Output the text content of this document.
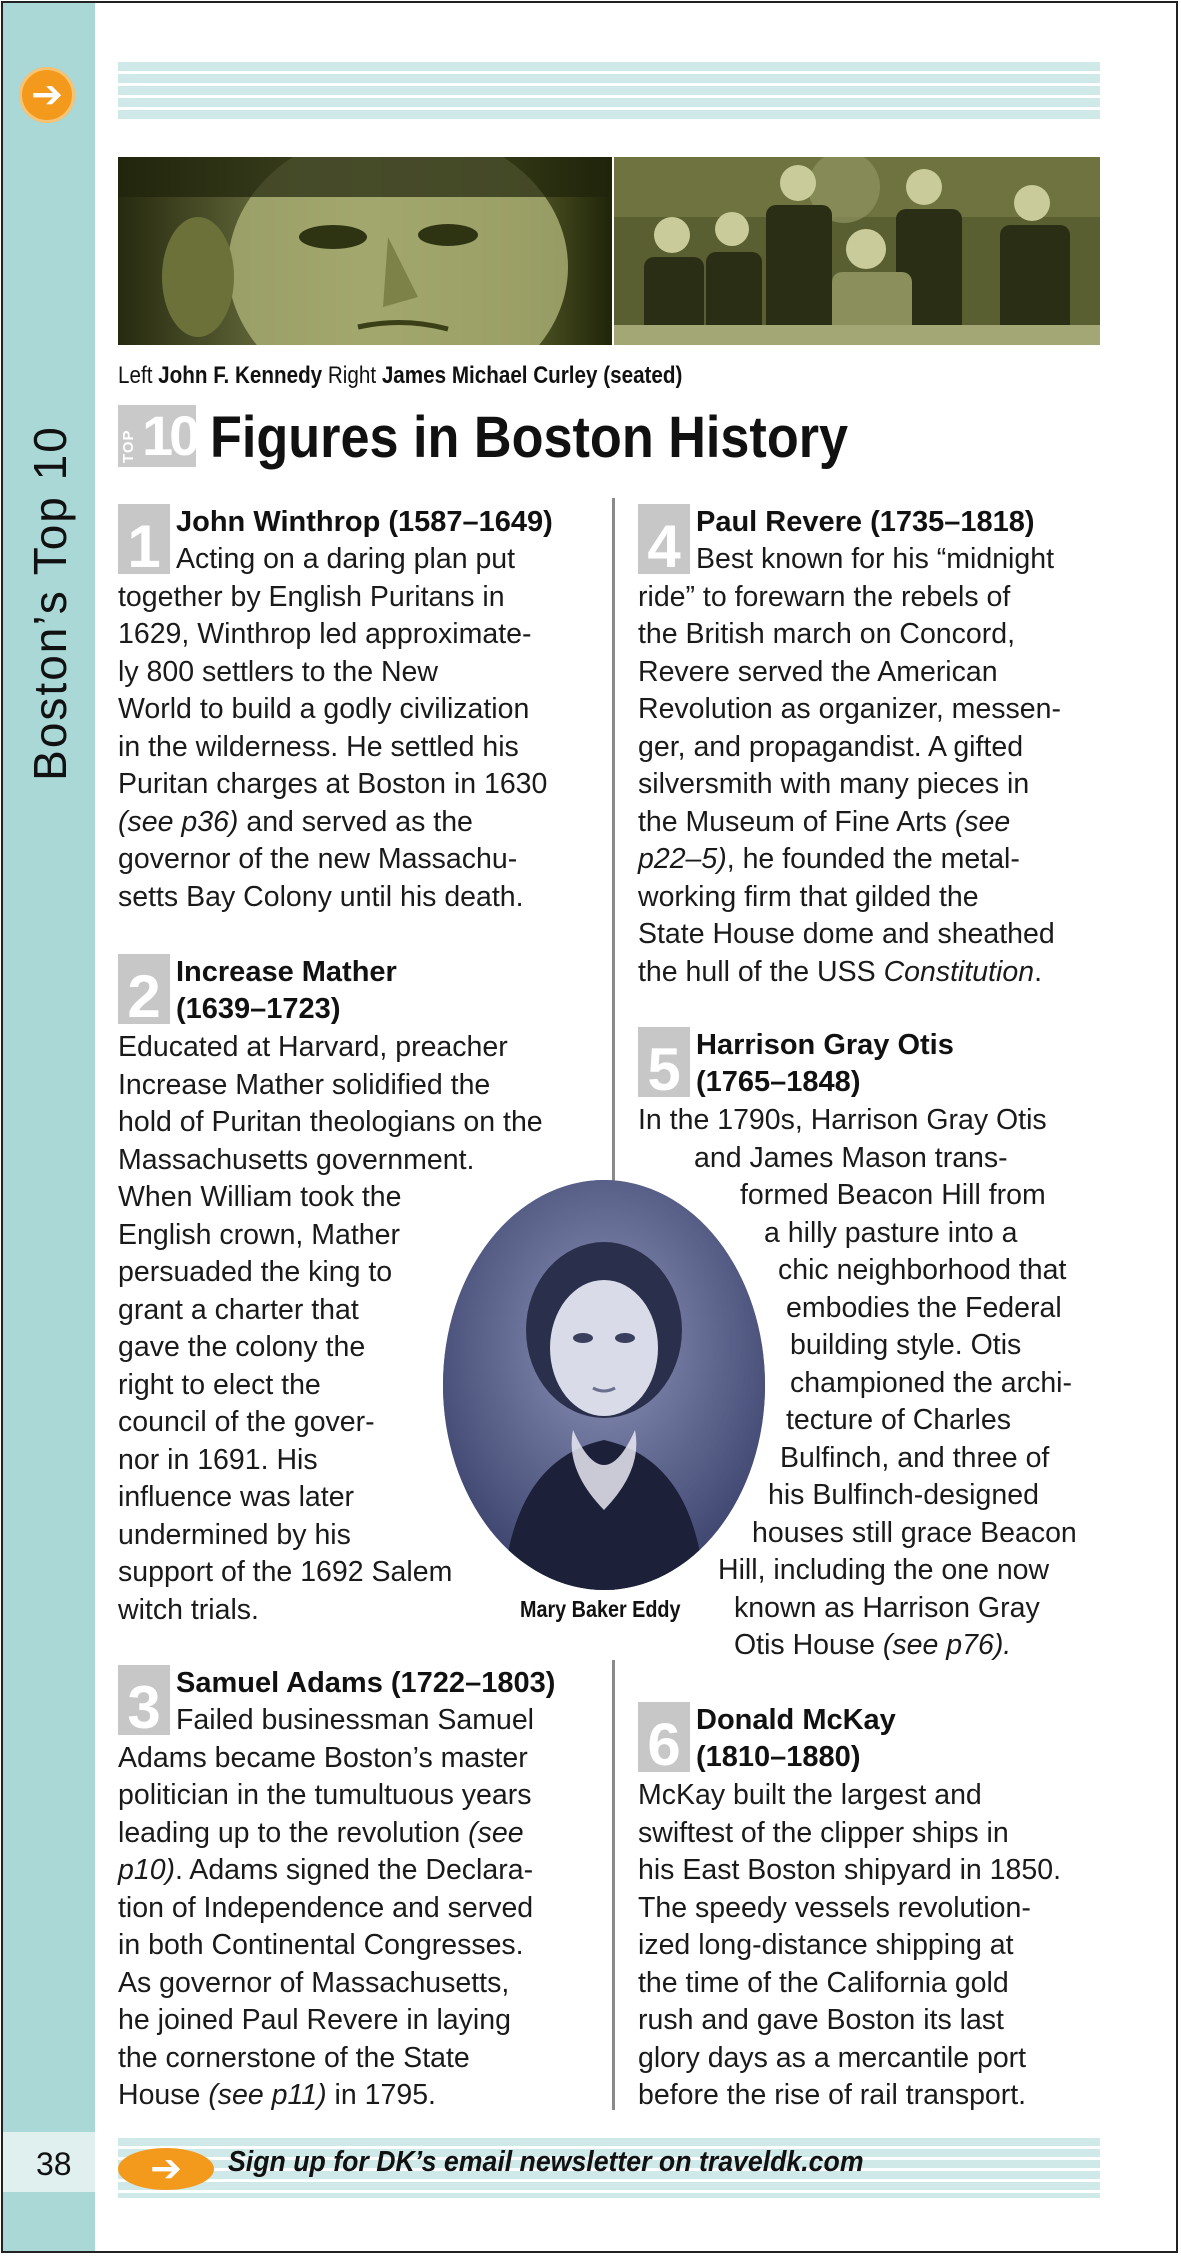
➔
Boston’s Top 10
38
Left John F. Kennedy Right James Michael Curley (seated)
TOP 10 Figures in Boston History
1 John Winthrop (1587–1649)
Acting on a daring plan put
together by English Puritans in
1629, Winthrop led approximate-
ly 800 settlers to the New
World to build a godly civilization
in the wilderness. He settled his
Puritan charges at Boston in 1630
(see p36) and served as the
governor of the new Massachu-
setts Bay Colony until his death.
2 Increase Mather
(1639–1723)
Educated at Harvard, preacher
Increase Mather solidified the
hold of Puritan theologians on the
Massachusetts government.
When William took the
English crown, Mather
persuaded the king to
grant a charter that
gave the colony the
right to elect the
council of the gover-
nor in 1691. His
influence was later
undermined by his
support of the 1692 Salem
witch trials.
3 Samuel Adams (1722–1803)
Failed businessman Samuel
Adams became Boston’s master
politician in the tumultuous years
leading up to the revolution (see
p10). Adams signed the Declara-
tion of Independence and served
in both Continental Congresses.
As governor of Massachusetts,
he joined Paul Revere in laying
the cornerstone of the State
House (see p11) in 1795.
4 Paul Revere (1735–1818)
Best known for his “midnight
ride” to forewarn the rebels of
the British march on Concord,
Revere served the American
Revolution as organizer, messen-
ger, and propagandist. A gifted
silversmith with many pieces in
the Museum of Fine Arts (see
p22–5), he founded the metal-
working firm that gilded the
State House dome and sheathed
the hull of the USS Constitution.
5 Harrison Gray Otis
(1765–1848)
In the 1790s, Harrison Gray Otis
and James Mason trans-
formed Beacon Hill from
a hilly pasture into a
chic neighborhood that
embodies the Federal
building style. Otis
championed the archi-
tecture of Charles
Bulfinch, and three of
his Bulfinch-designed
houses still grace Beacon
Hill, including the one now
known as Harrison Gray
Otis House (see p76).
6 Donald McKay
(1810–1880)
McKay built the largest and
swiftest of the clipper ships in
his East Boston shipyard in 1850.
The speedy vessels revolution-
ized long-distance shipping at
the time of the California gold
rush and gave Boston its last
glory days as a mercantile port
before the rise of rail transport.
Mary Baker Eddy
➔	Sign up for DK’s email newsletter on traveldk.com
